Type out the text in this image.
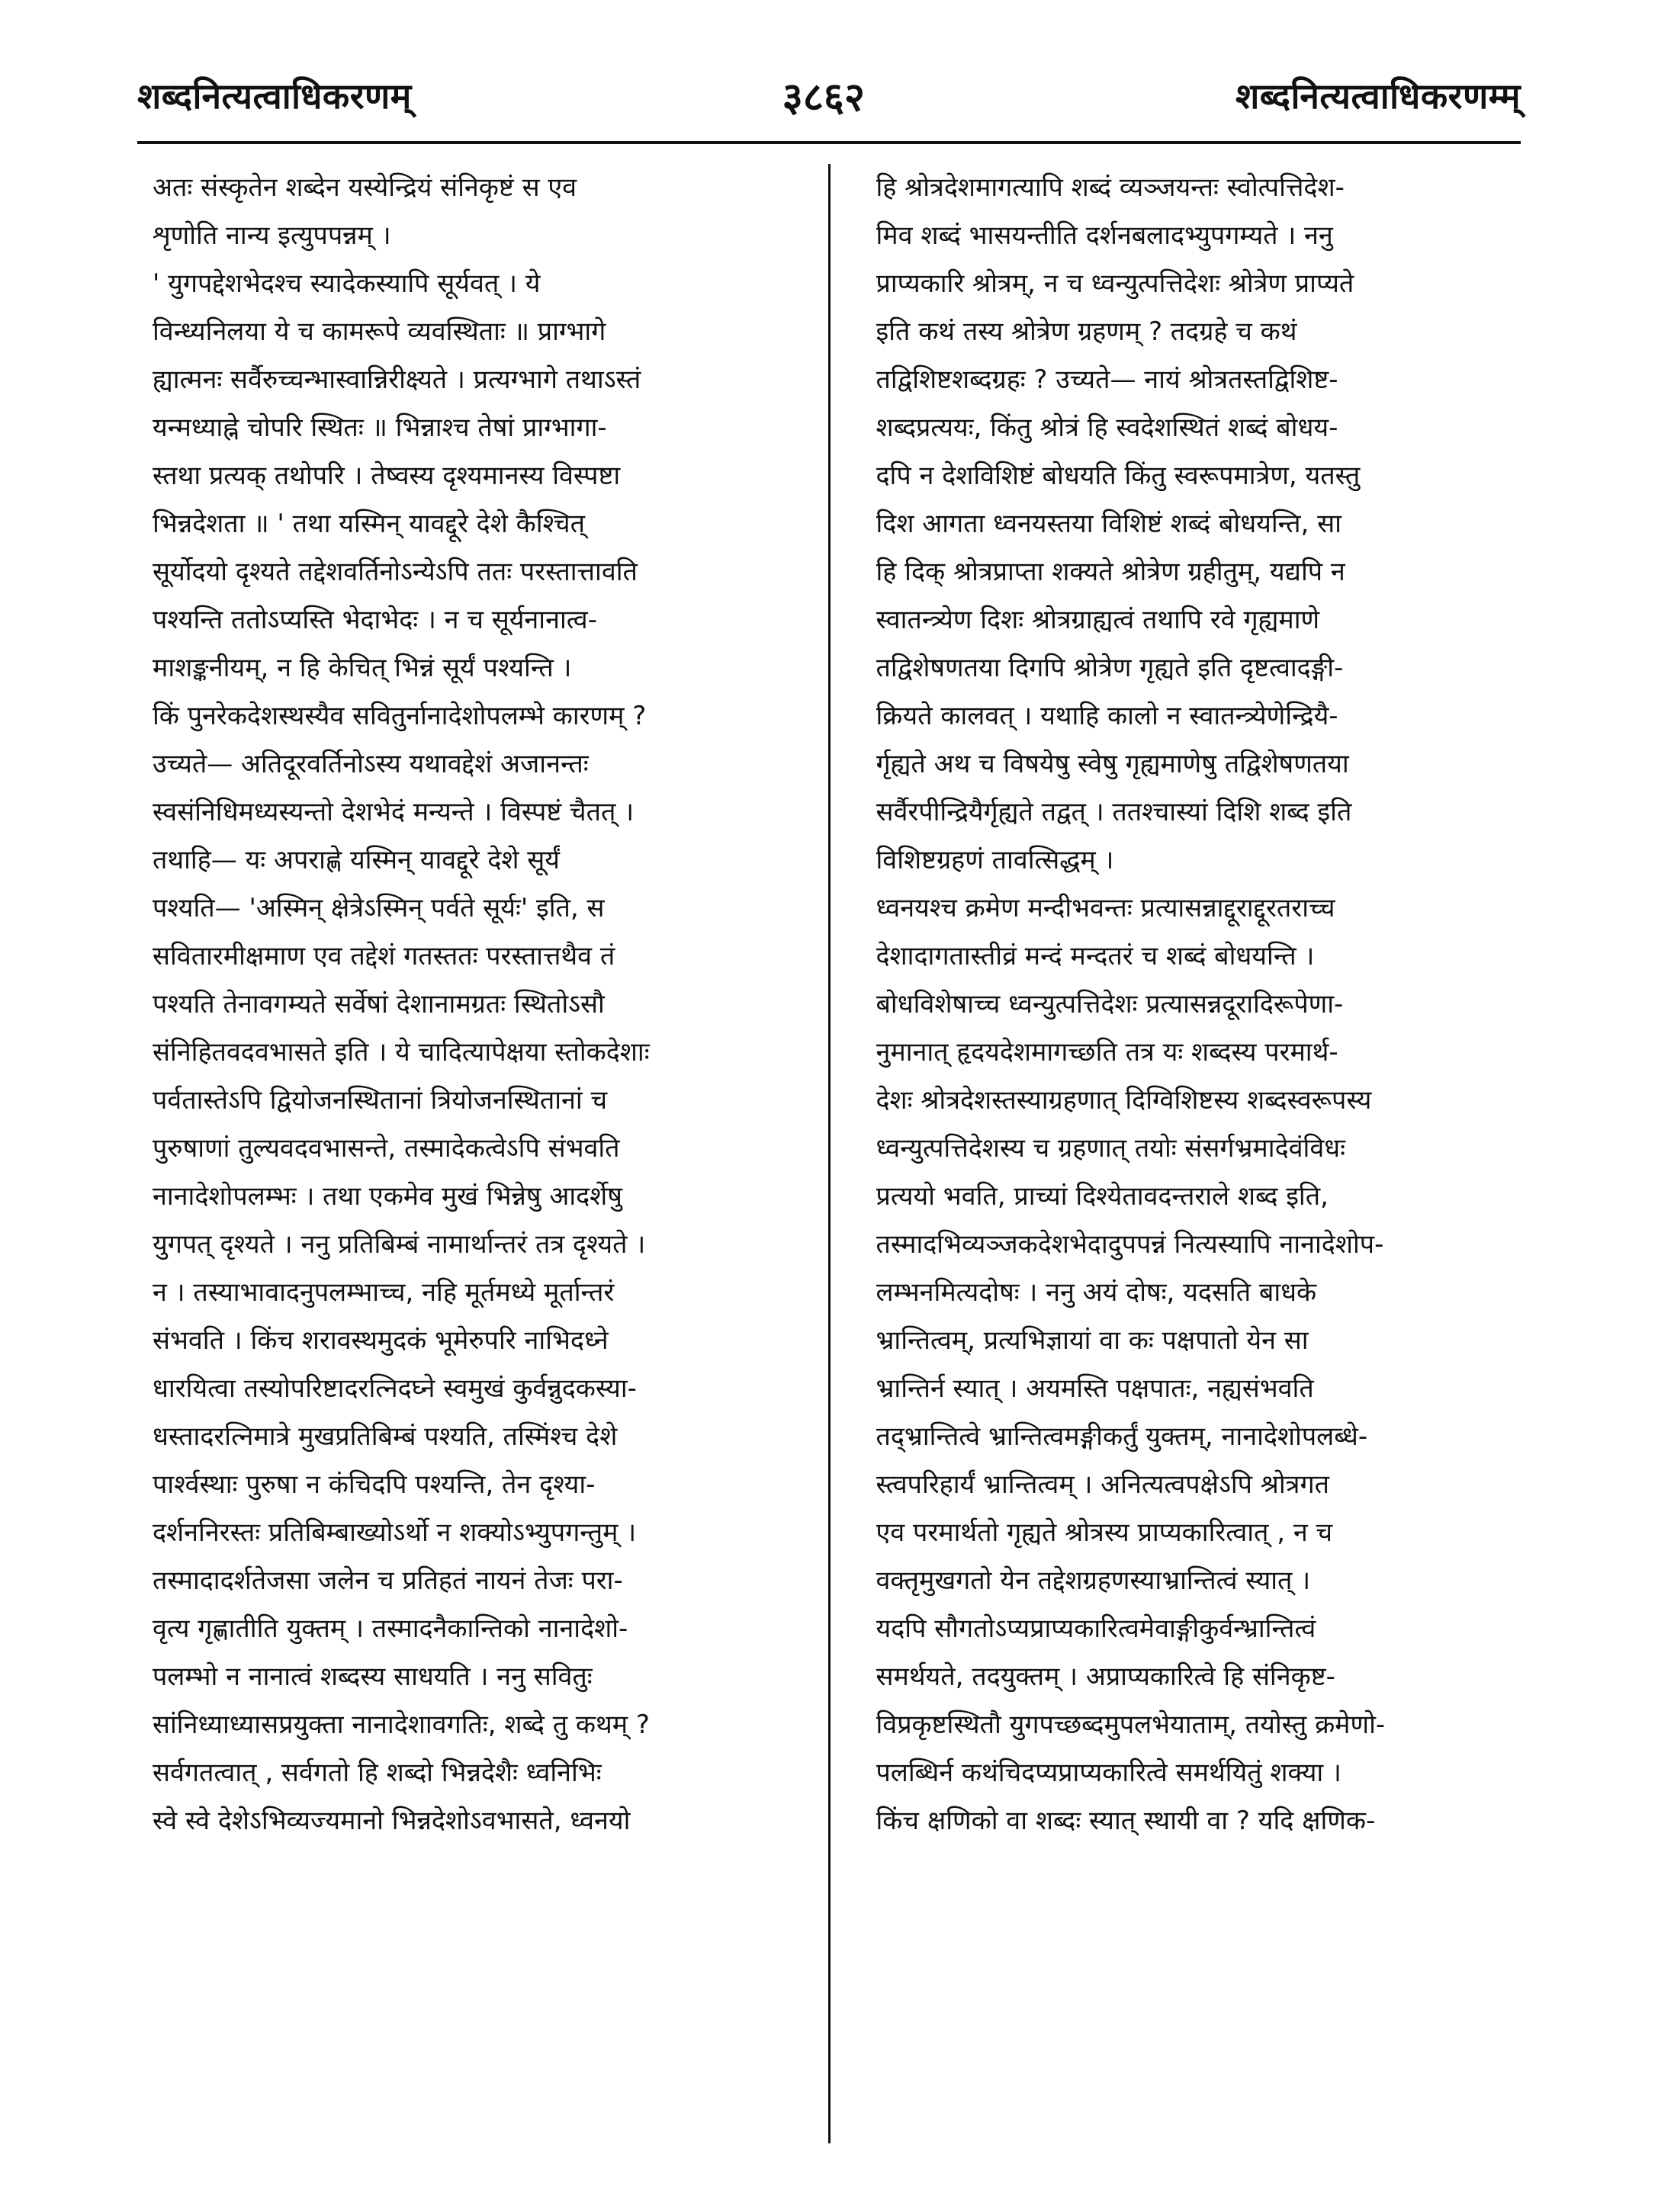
शब्दनित्यत्वाधिकरणम्	३८६२	शब्दनित्यत्वाधिकरणम्म्
अतः संस्कृतेन शब्देन यस्येन्द्रियं संनिकृष्टं स एव
शृणोति नान्य इत्युपपन्नम् ।
' युगपद्देशभेदश्च स्यादेकस्यापि सूर्यवत् । ये
विन्ध्यनिलया ये च कामरूपे व्यवस्थिताः ॥ प्राग्भागे
ह्यात्मनः सर्वैरुच्चन्भास्वान्निरीक्ष्यते । प्रत्यग्भागे तथाऽस्तं
यन्मध्याह्ने चोपरि स्थितः ॥ भिन्नाश्च तेषां प्राग्भागा-
स्तथा प्रत्यक् तथोपरि । तेष्वस्य दृश्यमानस्य विस्पष्टा
भिन्नदेशता ॥ ' तथा यस्मिन् यावद्दूरे देशे कैश्चित्
सूर्योदयो दृश्यते तद्देशवर्तिनोऽन्येऽपि ततः परस्तात्तावति
पश्यन्ति ततोऽप्यस्ति भेदाभेदः । न च सूर्यनानात्व-
माशङ्कनीयम्, न हि केचित् भिन्नं सूर्यं पश्यन्ति ।
किं पुनरेकदेशस्थस्यैव सवितुर्नानादेशोपलम्भे कारणम् ?
उच्यते— अतिदूरवर्तिनोऽस्य यथावद्देशं अजानन्तः
स्वसंनिधिमध्यस्यन्तो देशभेदं मन्यन्ते । विस्पष्टं चैतत् ।
तथाहि— यः अपराह्णे यस्मिन् यावद्दूरे देशे सूर्यं
पश्यति— 'अस्मिन् क्षेत्रेऽस्मिन् पर्वते सूर्यः' इति, स
सवितारमीक्षमाण एव तद्देशं गतस्ततः परस्तात्तथैव तं
पश्यति तेनावगम्यते सर्वेषां देशानामग्रतः स्थितोऽसौ
संनिहितवदवभासते इति । ये चादित्यापेक्षया स्तोकदेशाः
पर्वतास्तेऽपि द्वियोजनस्थितानां त्रियोजनस्थितानां च
पुरुषाणां तुल्यवदवभासन्ते, तस्मादेकत्वेऽपि संभवति
नानादेशोपलम्भः । तथा एकमेव मुखं भिन्नेषु आदर्शेषु
युगपत् दृश्यते । ननु प्रतिबिम्बं नामार्थान्तरं तत्र दृश्यते ।
न । तस्याभावादनुपलम्भाच्च, नहि मूर्तमध्ये मूर्तान्तरं
संभवति । किंच शरावस्थमुदकं भूमेरुपरि नाभिदध्ने
धारयित्वा तस्योपरिष्टादरत्निदघ्ने स्वमुखं कुर्वन्नुदकस्या-
धस्तादरत्निमात्रे मुखप्रतिबिम्बं पश्यति, तस्मिंश्च देशे
पार्श्वस्थाः पुरुषा न कंचिदपि पश्यन्ति, तेन दृश्या-
दर्शननिरस्तः प्रतिबिम्बाख्योऽर्थो न शक्योऽभ्युपगन्तुम् ।
तस्मादादर्शतेजसा जलेन च प्रतिहतं नायनं तेजः परा-
वृत्य गृह्णातीति युक्तम् । तस्मादनैकान्तिको नानादेशो-
पलम्भो न नानात्वं शब्दस्य साधयति । ननु सवितुः
सांनिध्याध्यासप्रयुक्ता नानादेशावगतिः, शब्दे तु कथम् ?
सर्वगतत्वात् , सर्वगतो हि शब्दो भिन्नदेशैः ध्वनिभिः
स्वे स्वे देशेऽभिव्यज्यमानो भिन्नदेशोऽवभासते, ध्वनयो
हि श्रोत्रदेशमागत्यापि शब्दं व्यञ्जयन्तः स्वोत्पत्तिदेश-
मिव शब्दं भासयन्तीति दर्शनबलादभ्युपगम्यते । ननु
प्राप्यकारि श्रोत्रम्, न च ध्वन्युत्पत्तिदेशः श्रोत्रेण प्राप्यते
इति कथं तस्य श्रोत्रेण ग्रहणम् ? तदग्रहे च कथं
तद्विशिष्टशब्दग्रहः ? उच्यते— नायं श्रोत्रतस्तद्विशिष्ट-
शब्दप्रत्ययः, किंतु श्रोत्रं हि स्वदेशस्थितं शब्दं बोधय-
दपि न देशविशिष्टं बोधयति किंतु स्वरूपमात्रेण, यतस्तु
दिश आगता ध्वनयस्तया विशिष्टं शब्दं बोधयन्ति, सा
हि दिक् श्रोत्रप्राप्ता शक्यते श्रोत्रेण ग्रहीतुम्, यद्यपि न
स्वातन्त्र्येण दिशः श्रोत्रग्राह्यत्वं तथापि रवे गृह्यमाणे
तद्विशेषणतया दिगपि श्रोत्रेण गृह्यते इति दृष्टत्वादङ्गी-
क्रियते कालवत् । यथाहि कालो न स्वातन्त्र्येणेन्द्रियै-
र्गृह्यते अथ च विषयेषु स्वेषु गृह्यमाणेषु तद्विशेषणतया
सर्वैरपीन्द्रियैर्गृह्यते तद्वत् । ततश्चास्यां दिशि शब्द इति
विशिष्टग्रहणं तावत्सिद्धम् ।
ध्वनयश्च क्रमेण मन्दीभवन्तः प्रत्यासन्नाद्दूराद्दूरतराच्च
देशादागतास्तीव्रं मन्दं मन्दतरं च शब्दं बोधयन्ति ।
बोधविशेषाच्च ध्वन्युत्पत्तिदेशः प्रत्यासन्नदूरादिरूपेणा-
नुमानात् हृदयदेशमागच्छति तत्र यः शब्दस्य परमार्थ-
देशः श्रोत्रदेशस्तस्याग्रहणात् दिग्विशिष्टस्य शब्दस्वरूपस्य
ध्वन्युत्पत्तिदेशस्य च ग्रहणात् तयोः संसर्गभ्रमादेवंविधः
प्रत्ययो भवति, प्राच्यां दिश्येतावदन्तराले शब्द इति,
तस्मादभिव्यञ्जकदेशभेदादुपपन्नं नित्यस्यापि नानादेशोप-
लम्भनमित्यदोषः । ननु अयं दोषः, यदसति बाधके
भ्रान्तित्वम्, प्रत्यभिज्ञायां वा कः पक्षपातो येन सा
भ्रान्तिर्न स्यात् । अयमस्ति पक्षपातः, नह्यसंभवति
तद्भ्रान्तित्वे भ्रान्तित्वमङ्गीकर्तुं युक्तम्, नानादेशोपलब्धे-
स्त्वपरिहार्यं भ्रान्तित्वम् । अनित्यत्वपक्षेऽपि श्रोत्रगत
एव परमार्थतो गृह्यते श्रोत्रस्य प्राप्यकारित्वात् , न च
वक्तृमुखगतो येन तद्देशग्रहणस्याभ्रान्तित्वं स्यात् ।
यदपि सौगतोऽप्यप्राप्यकारित्वमेवाङ्गीकुर्वन्भ्रान्तित्वं
समर्थयते, तदयुक्तम् । अप्राप्यकारित्वे हि संनिकृष्ट-
विप्रकृष्टस्थितौ युगपच्छब्दमुपलभेयाताम्, तयोस्तु क्रमेणो-
पलब्धिर्न कथंचिदप्यप्राप्यकारित्वे समर्थयितुं शक्या ।
किंच क्षणिको वा शब्दः स्यात् स्थायी वा ? यदि क्षणिक-
